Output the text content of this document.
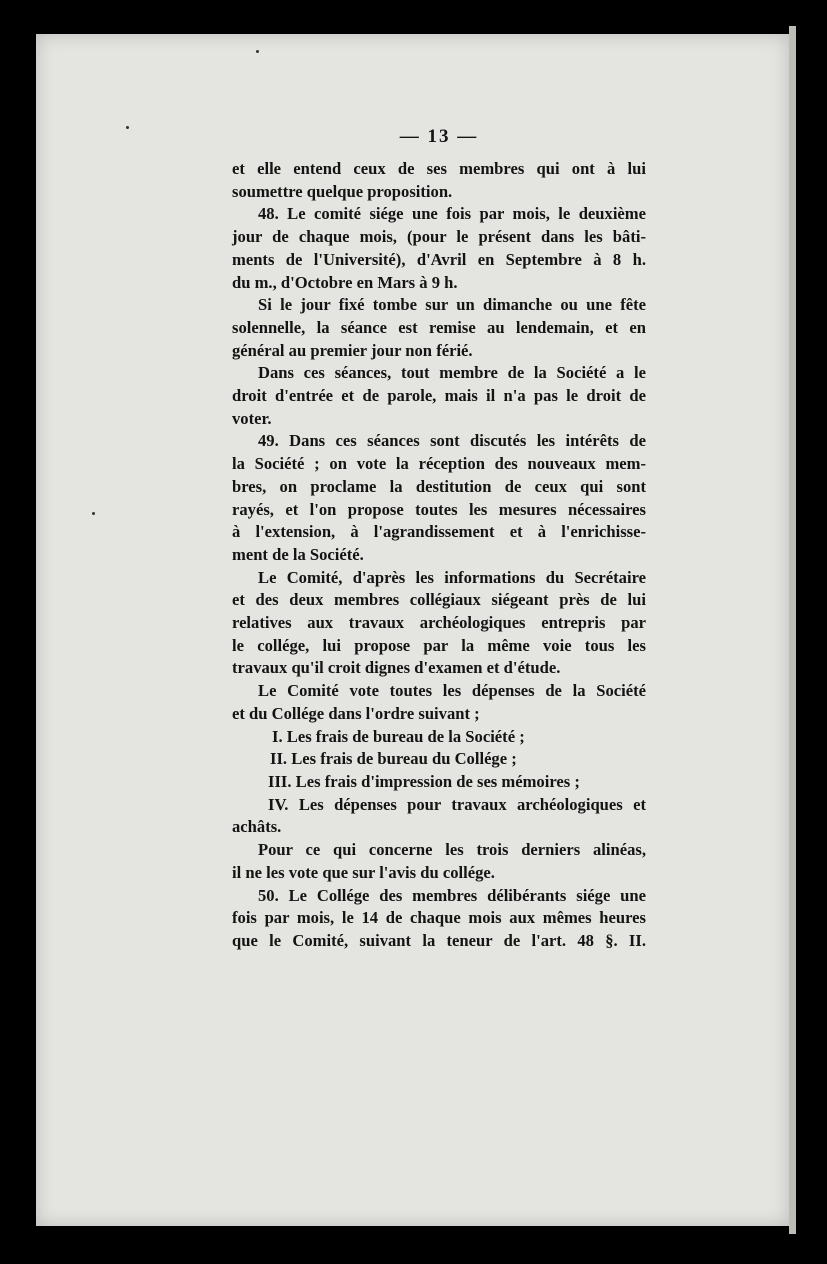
— 13 —
et elle entend ceux de ses membres qui ont à lui
soumettre quelque proposition.
48. Le comité siége une fois par mois, le deuxième
jour de chaque mois, (pour le présent dans les bâti-
ments de l'Université), d'Avril en Septembre à 8 h.
du m., d'Octobre en Mars à 9 h.
Si le jour fixé tombe sur un dimanche ou une fête
solennelle, la séance est remise au lendemain, et en
général au premier jour non férié.
Dans ces séances, tout membre de la Société a le
droit d'entrée et de parole, mais il n'a pas le droit de
voter.
49. Dans ces séances sont discutés les intérêts de
la Société ; on vote la réception des nouveaux mem-
bres, on proclame la destitution de ceux qui sont
rayés, et l'on propose toutes les mesures nécessaires
à l'extension, à l'agrandissement et à l'enrichisse-
ment de la Société.
Le Comité, d'après les informations du Secrétaire
et des deux membres collégiaux siégeant près de lui
relatives aux travaux archéologiques entrepris par
le collége, lui propose par la même voie tous les
travaux qu'il croit dignes d'examen et d'étude.
Le Comité vote toutes les dépenses de la Société
et du Collége dans l'ordre suivant ;
I. Les frais de bureau de la Société ;
II. Les frais de bureau du Collége ;
III. Les frais d'impression de ses mémoires ;
IV. Les dépenses pour travaux archéologiques et
achâts.
Pour ce qui concerne les trois derniers alinéas,
il ne les vote que sur l'avis du collége.
50. Le Collége des membres délibérants siége une
fois par mois, le 14 de chaque mois aux mêmes heures
que le Comité, suivant la teneur de l'art. 48 §. II.
